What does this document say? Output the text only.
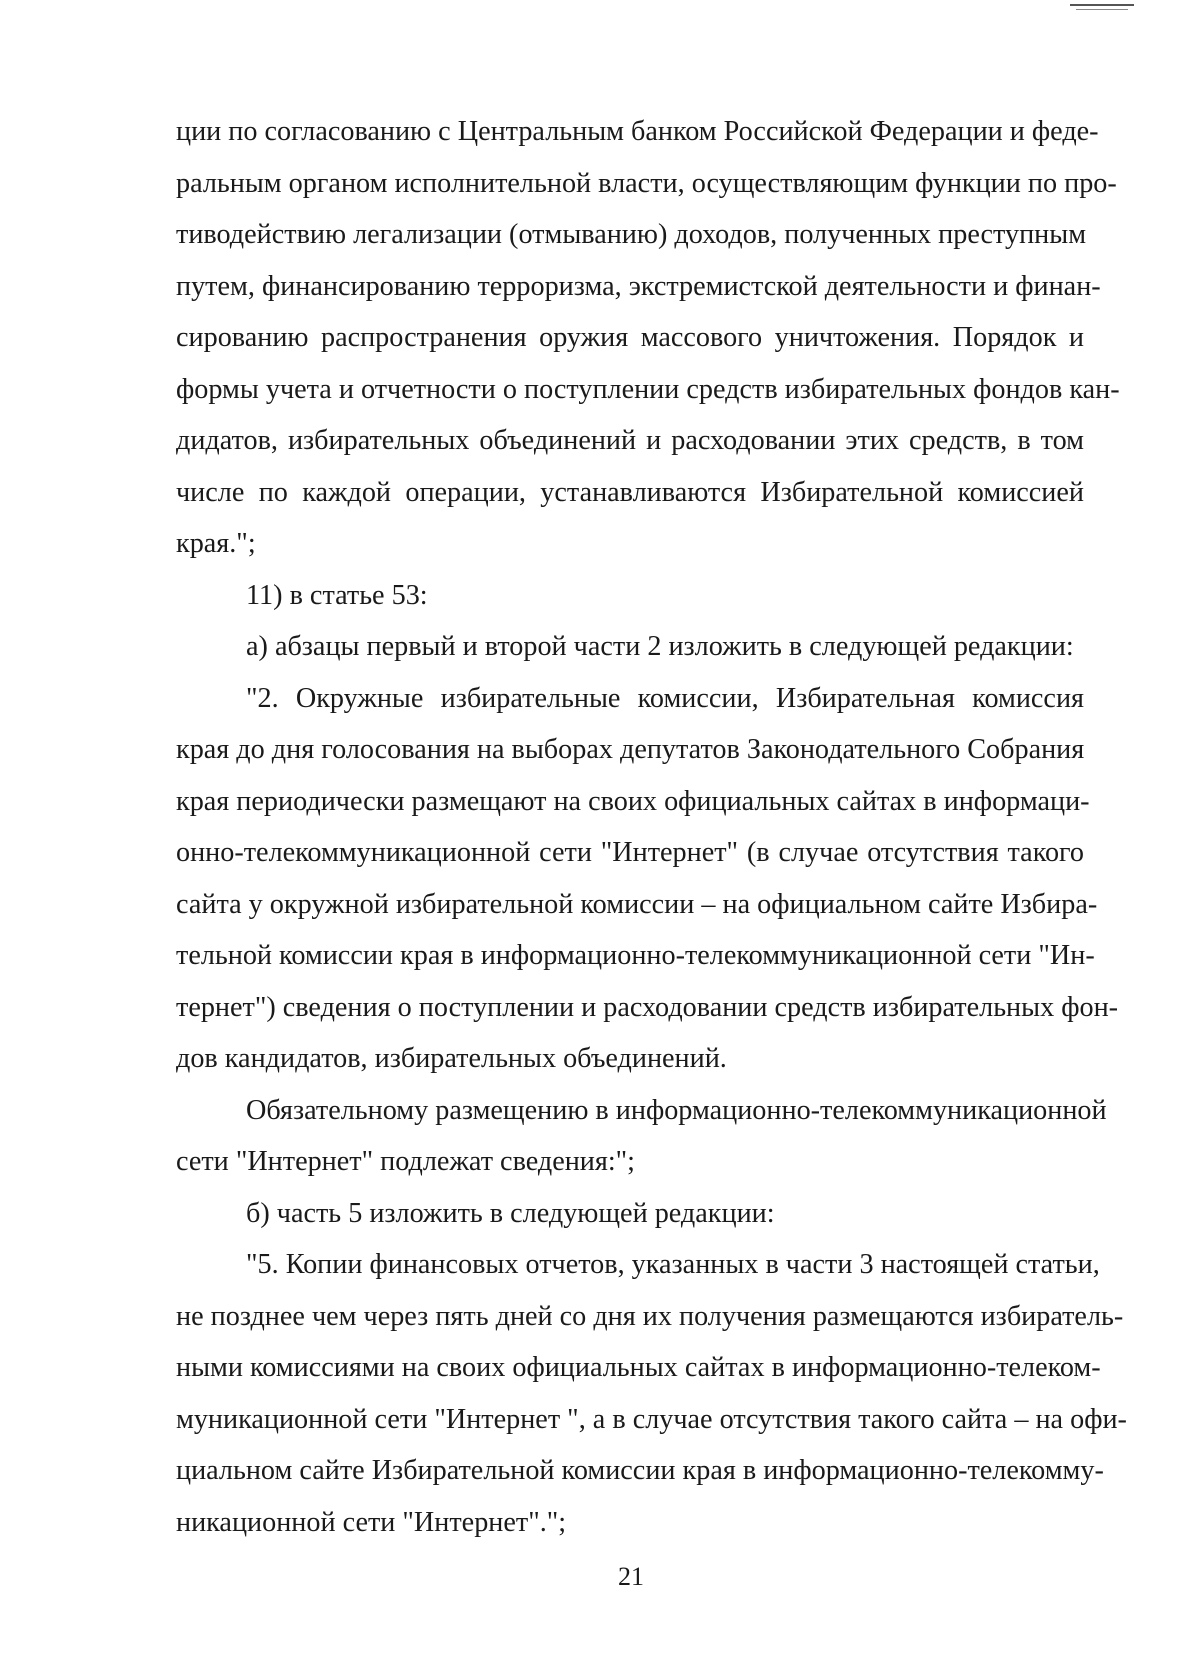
ции по согласованию с Центральным банком Российской Федерации и феде-
ральным органом исполнительной власти, осуществляющим функции по про-
тиводействию легализации (отмыванию) доходов, полученных преступным
путем, финансированию терроризма, экстремистской деятельности и финан-
сированию распространения оружия массового уничтожения. Порядок и
формы учета и отчетности о поступлении средств избирательных фондов кан-
дидатов, избирательных объединений и расходовании этих средств, в том
числе по каждой операции, устанавливаются Избирательной комиссией
края.";
11) в статье 53:
а) абзацы первый и второй части 2 изложить в следующей редакции:
"2. Окружные избирательные комиссии, Избирательная комиссия
края до дня голосования на выборах депутатов Законодательного Собрания
края периодически размещают на своих официальных сайтах в информаци-
онно-телекоммуникационной сети "Интернет" (в случае отсутствия такого
сайта у окружной избирательной комиссии – на официальном сайте Избира-
тельной комиссии края в информационно-телекоммуникационной сети "Ин-
тернет") сведения о поступлении и расходовании средств избирательных фон-
дов кандидатов, избирательных объединений.
Обязательному размещению в информационно-телекоммуникационной
сети "Интернет" подлежат сведения:";
б) часть 5 изложить в следующей редакции:
"5. Копии финансовых отчетов, указанных в части 3 настоящей статьи,
не позднее чем через пять дней со дня их получения размещаются избиратель-
ными комиссиями на своих официальных сайтах в информационно-телеком-
муникационной сети "Интернет ", а в случае отсутствия такого сайта – на офи-
циальном сайте Избирательной комиссии края в информационно-телекомму-
никационной сети "Интернет".";
21
